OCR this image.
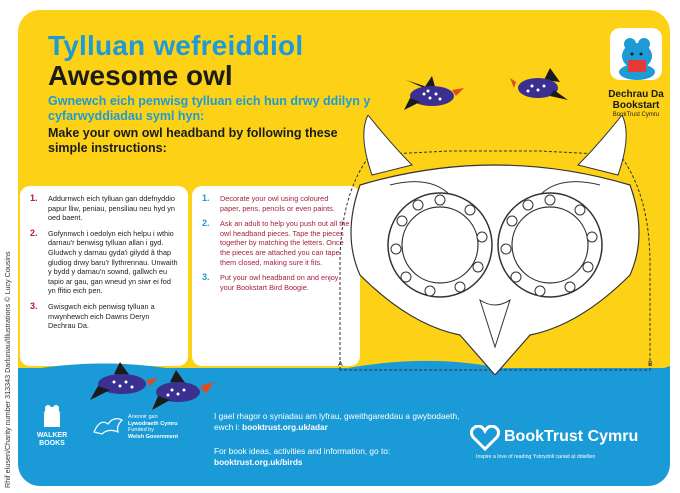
Rhif elusen/Charity number 313343 Darluniau/Illustrations © Lucy Cousins
Tylluan wefreiddiol
Awesome owl
Gwnewch eich penwisg tylluan eich hun drwy ddilyn y cyfarwyddiadau syml hyn:
Make your own owl headband by following these simple instructions:
Dechrau Da
Bookstart
BookTrust Cymru
1. Addurnwch eich tylluan gan ddefnyddio papur lliw, peniau, pensiliau neu hyd yn oed baent.
2. Gofynnwch i oedolyn eich helpu i wthio darnau'r benwisg tylluan allan i gyd. Gludwch y darnau gyda'i gilydd â thap gludiog drwy baru'r llythrennau. Unwaith y bydd y darnau'n sownd, gallwch eu tapio ar gau, gan wneud yn siwr ei fod yn ffitio eich pen.
3. Gwisgwch eich penwisg tylluan a mwynhewch eich Dawns Deryn Dechrau Da.
1. Decorate your owl using coloured paper, pens, pencils or even paints.
2. Ask an adult to help you push out all the owl headband pieces. Tape the pieces together by matching the letters. Once the pieces are attached you can tape them closed, making sure it fits.
3. Put your owl headband on and enjoy your Bookstart Bird Boogie.
A	B
WALKER
BOOKS
Ariennir gan
Lywodraeth Cymru
Funded by
Welsh Government
I gael rhagor o syniadau am lyfrau, gweithgareddau a gwybodaeth, ewch i: booktrust.org.uk/adar
For book ideas, activities and information, go to:
booktrust.org.uk/birds
BookTrust Cymru
Inspire a love of reading Ysbrydoli cariad at ddarllen
